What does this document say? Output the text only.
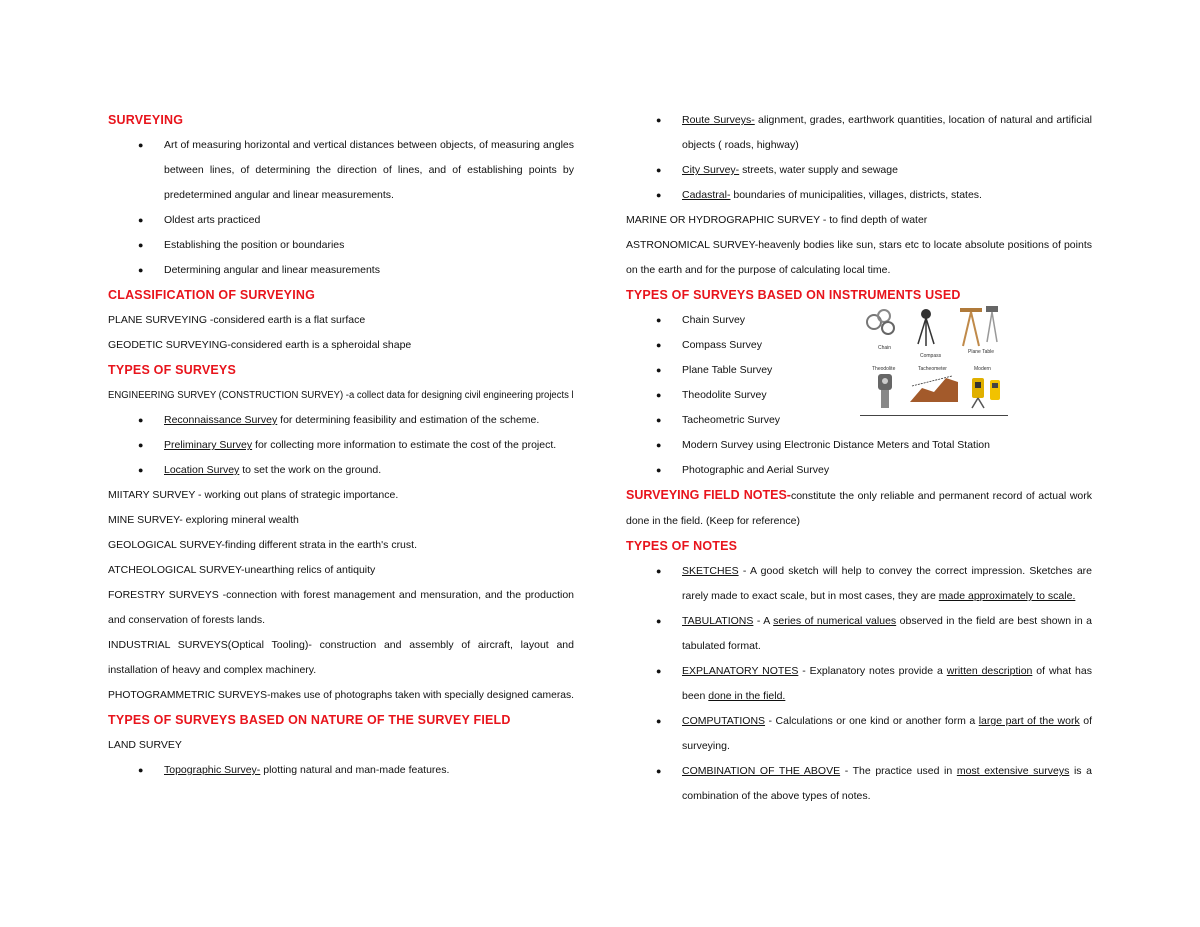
SURVEYING
● Art of measuring horizontal and vertical distances between objects, of measuring angles between lines, of determining the direction of lines, and of establishing points by predetermined angular and linear measurements.
● Oldest arts practiced
● Establishing the position or boundaries
● Determining angular and linear measurements
CLASSIFICATION OF SURVEYING
PLANE SURVEYING -considered earth is a flat surface
GEODETIC SURVEYING-considered earth is a spheroidal shape
TYPES OF SURVEYS
ENGINEERING SURVEY (CONSTRUCTION SURVEY) -a collect data for designing civil engineering projects l
● Reconnaissance Survey for determining feasibility and estimation of the scheme.
● Preliminary Survey for collecting more information to estimate the cost of the project.
● Location Survey to set the work on the ground.
MIITARY SURVEY - working out plans of strategic importance.
MINE SURVEY- exploring mineral wealth
GEOLOGICAL SURVEY-finding different strata in the earth's crust.
ATCHEOLOGICAL SURVEY-unearthing relics of antiquity
FORESTRY SURVEYS -connection with forest management and mensuration, and the production and conservation of forests lands.
INDUSTRIAL SURVEYS(Optical Tooling)- construction and assembly of aircraft, layout and installation of heavy and complex machinery.
PHOTOGRAMMETRIC SURVEYS-makes use of photographs taken with specially designed cameras.
TYPES OF SURVEYS BASED ON NATURE OF THE SURVEY FIELD
LAND SURVEY
● Topographic Survey- plotting natural and man-made features.
● Route Surveys- alignment, grades, earthwork quantities, location of natural and artificial objects ( roads, highway)
● City Survey- streets, water supply and sewage
● Cadastral- boundaries of municipalities, villages, districts, states.
MARINE OR HYDROGRAPHIC SURVEY - to find depth of water
ASTRONOMICAL SURVEY-heavenly bodies like sun, stars etc to locate absolute positions of points on the earth and for the purpose of calculating local time.
TYPES OF SURVEYS BASED ON INSTRUMENTS USED
● Chain Survey
● Compass Survey
● Plane Table Survey
● Theodolite Survey
● Tacheometric Survey
● Modern Survey using Electronic Distance Meters and Total Station
● Photographic and Aerial Survey
SURVEYING FIELD NOTES-constitute the only reliable and permanent record of actual work done in the field. (Keep for reference)
TYPES OF NOTES
● SKETCHES - A good sketch will help to convey the correct impression. Sketches are rarely made to exact scale, but in most cases, they are made approximately to scale.
● TABULATIONS - A series of numerical values observed in the field are best shown in a tabulated format.
● EXPLANATORY NOTES - Explanatory notes provide a written description of what has been done in the field.
● COMPUTATIONS - Calculations or one kind or another form a large part of the work of surveying.
● COMBINATION OF THE ABOVE - The practice used in most extensive surveys is a combination of the above types of notes.
Chain
Compass
Plane Table
Theodolite	Tacheometer	Modern
